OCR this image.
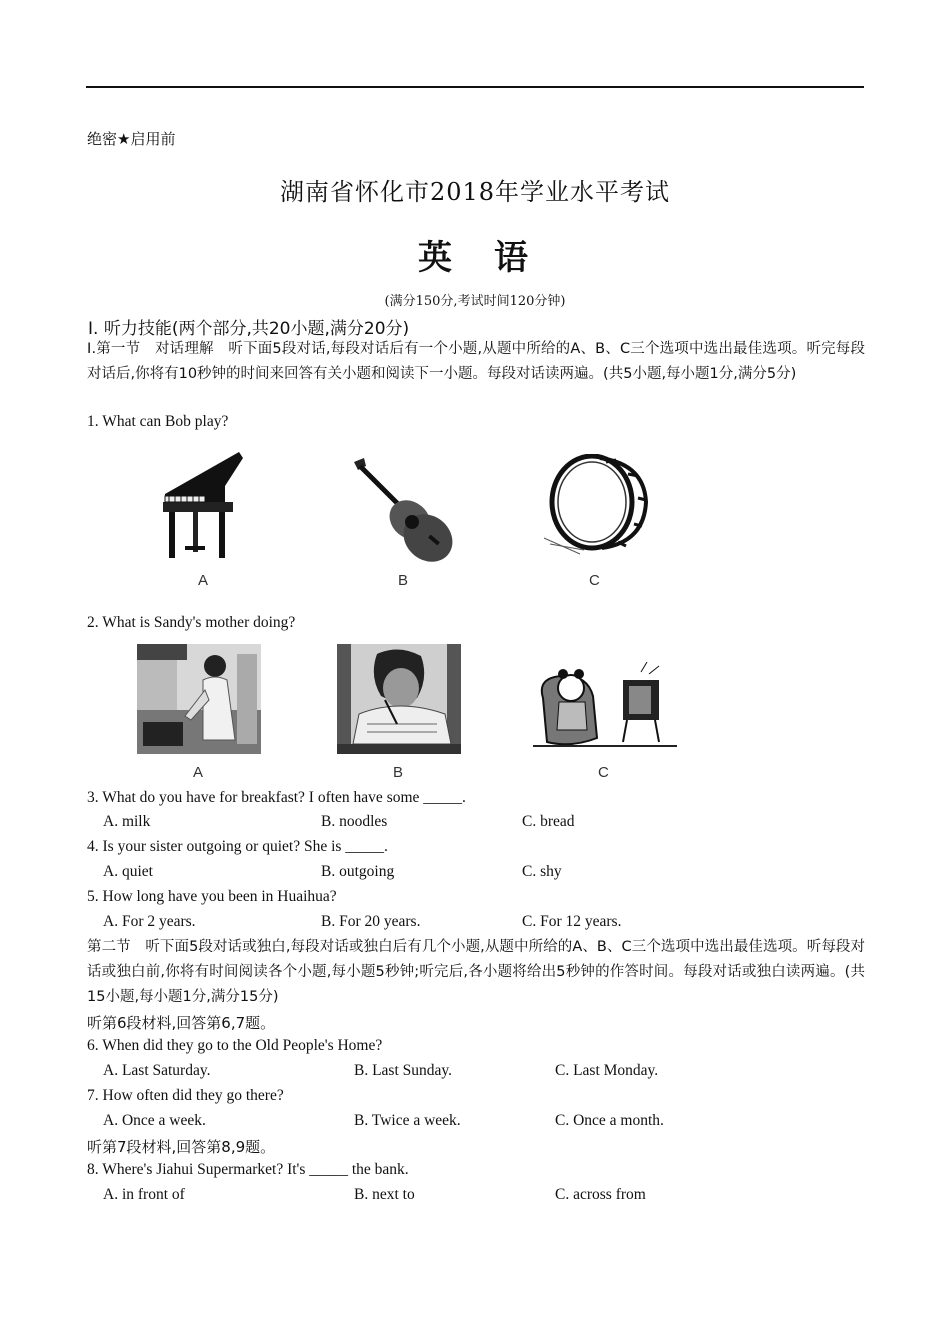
绝密★启用前
湖南省怀化市2018年学业水平考试
英　语
(满分150分,考试时间120分钟)
Ⅰ. 听力技能(两个部分,共20小题,满分20分)
Ⅰ.第一节　对话理解　听下面5段对话,每段对话后有一个小题,从题中所给的A、B、C三个选项中选出最佳选项。听完每段对话后,你将有10秒钟的时间来回答有关小题和阅读下一小题。每段对话读两遍。(共5小题,每小题1分,满分5分)
1. What can Bob play?
A	B	C
2. What is Sandy's mother doing?
A	B	C
3. What do you have for breakfast? I often have some _____.
A. milk	B. noodles	C. bread
4. Is your sister outgoing or quiet? She is _____.
A. quiet	B. outgoing	C. shy
5. How long have you been in Huaihua?
A. For 2 years.	B. For 20 years.	C. For 12 years.
第二节　听下面5段对话或独白,每段对话或独白后有几个小题,从题中所给的A、B、C三个选项中选出最佳选项。听每段对话或独白前,你将有时间阅读各个小题,每小题5秒钟;听完后,各小题将给出5秒钟的作答时间。每段对话或独白读两遍。(共15小题,每小题1分,满分15分)
听第6段材料,回答第6,7题。
6. When did they go to the Old People's Home?
A. Last Saturday.	B. Last Sunday.	C. Last Monday.
7. How often did they go there?
A. Once a week.	B. Twice a week.	C. Once a month.
听第7段材料,回答第8,9题。
8. Where's Jiahui Supermarket? It's _____ the bank.
A. in front of	B. next to	C. across from
